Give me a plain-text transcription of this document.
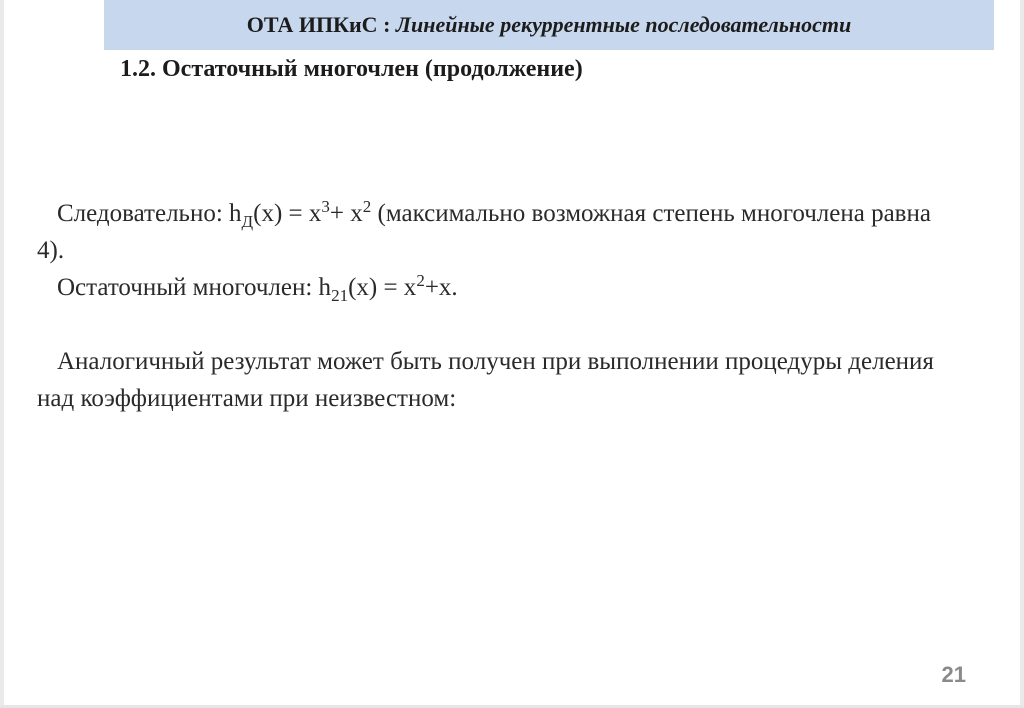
ОТА ИПКиС :
Линейные рекуррентные последовательности
1.2. Остаточный многочлен (продолжение)

Следовательно: $h_Д(x) = x^3+ x^2$ (максимально возможная степень многочлена равна 4).

Остаточный многочлен: $h_{21}(x) = x^2+x$.

Аналогичный результат может быть получен при выполнении процедуры деления над коэффициентами при неизвестном:

21
